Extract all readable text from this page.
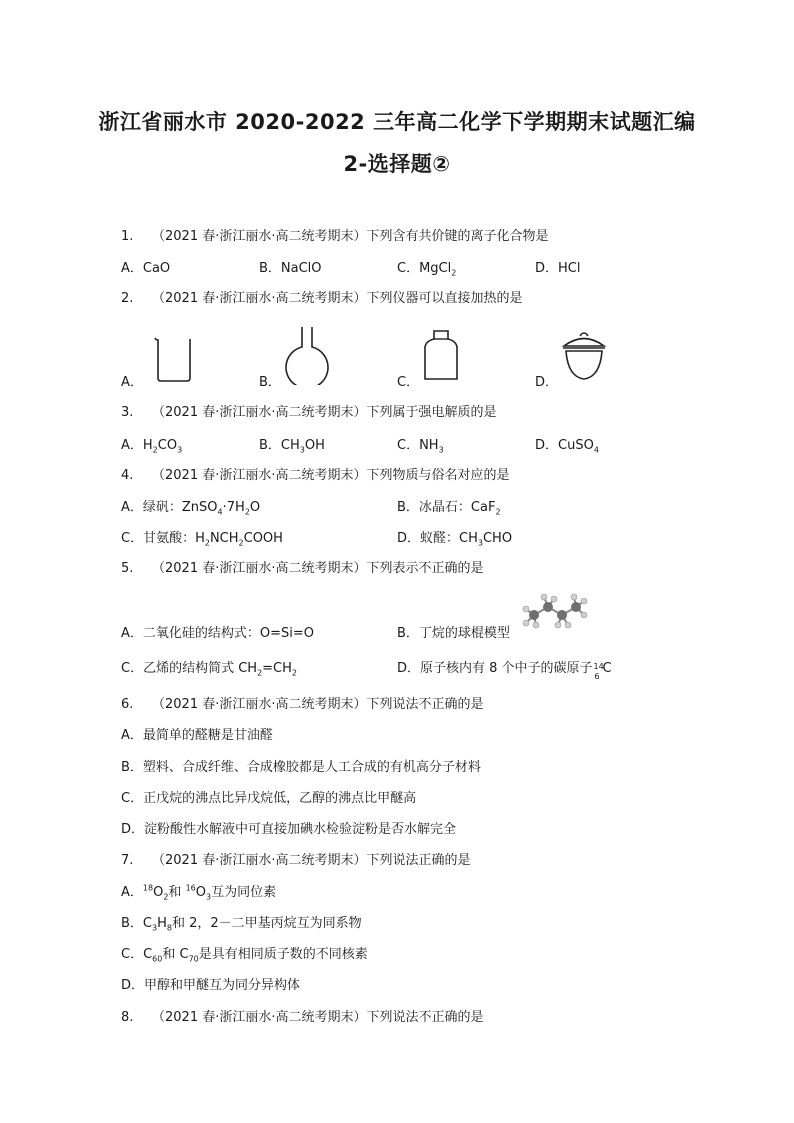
浙江省丽水市 2020-2022 三年高二化学下学期期末试题汇编
2-选择题②
1. （2021 春·浙江丽水·高二统考期末）下列含有共价键的离子化合物是
A．CaO	B．NaClO	C．MgCl$_2$	D．HCl
2. （2021 春·浙江丽水·高二统考期末）下列仪器可以直接加热的是
A．	B．	C．	D．
3. （2021 春·浙江丽水·高二统考期末）下列属于强电解质的是
A．$H_2CO_3$	B．$CH_3OH$	C．$NH_3$	D．CuSO$_4$
4. （2021 春·浙江丽水·高二统考期末）下列物质与俗名对应的是
A．绿矾：$ZnSO_4\cdot 7H_2O$	B．冰晶石：CaF$_2$
C．甘氨酸：$H_2NCH_2COOH$	D．蚁醛：$CH_3CHO$
5. （2021 春·浙江丽水·高二统考期末）下列表示不正确的是
A．二氧化硅的结构式：O=Si=O	B．丁烷的球棍模型
C．乙烯的结构简式 $CH_2=CH_2$	D．原子核内有 8 个中子的碳原子 14
6
C
6. （2021 春·浙江丽水·高二统考期末）下列说法不正确的是
A．最简单的醛糖是甘油醛
B．塑料、合成纤维、合成橡胶都是人工合成的有机高分子材料
C．正戊烷的沸点比异戊烷低，乙醇的沸点比甲醚高
D．淀粉酸性水解液中可直接加碘水检验淀粉是否水解完全
7. （2021 春·浙江丽水·高二统考期末）下列说法正确的是
A．$^{18}O_2$和 $^{16}O_3$互为同位素
B．$C_3H_8$和 2，2－二甲基丙烷互为同系物
C．$C_{60}$和 $C_{70}$是具有相同质子数的不同核素
D．甲醇和甲醚互为同分异构体
8. （2021 春·浙江丽水·高二统考期末）下列说法不正确的是
